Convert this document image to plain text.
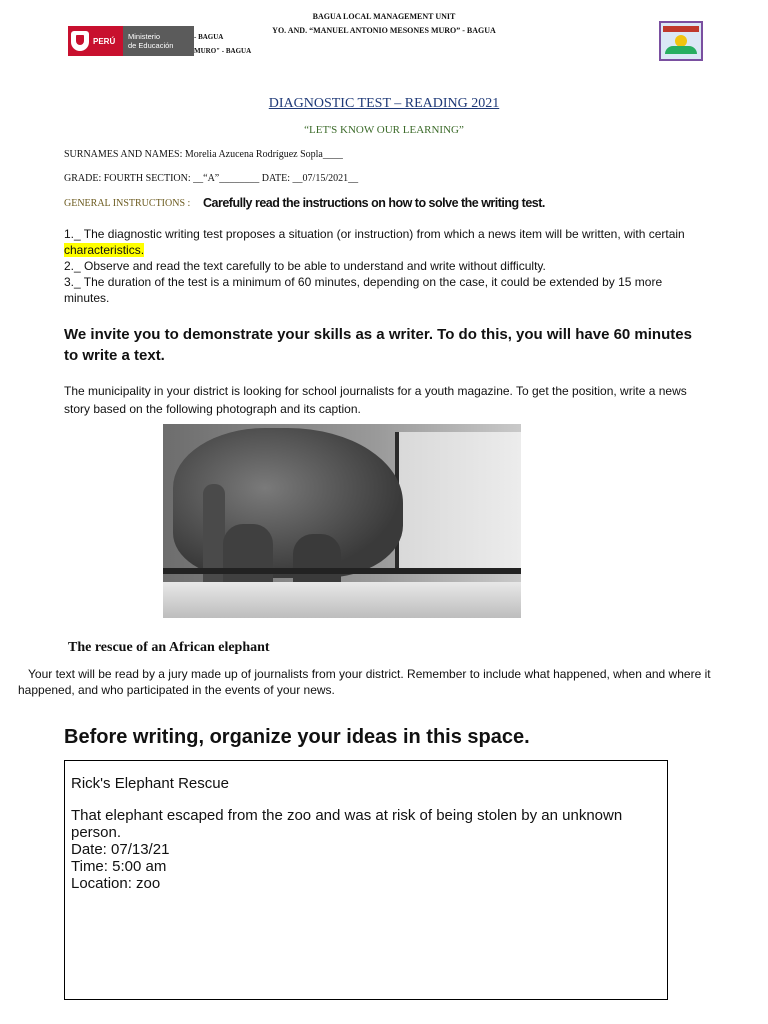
PERÚ Ministerio
de Educación
- BAGUA
MURO" - BAGUA
BAGUA LOCAL MANAGEMENT UNIT
YO. AND. “MANUEL ANTONIO MESONES MURO” - BAGUA
DIAGNOSTIC TEST – READING 2021
“LET'S KNOW OUR LEARNING”
SURNAMES AND NAMES: Morelia Azucena Rodríguez Sopla____
GRADE: FOURTH SECTION: __“A”________ DATE: __07/15/2021__
GENERAL INSTRUCTIONS : Carefully read the instructions on how to solve the writing test.
1._ The diagnostic writing test proposes a situation (or instruction) from which a news item will be written, with certain characteristics.
2._ Observe and read the text carefully to be able to understand and write without difficulty.
3._ The duration of the test is a minimum of 60 minutes, depending on the case, it could be extended by 15 more minutes.
We invite you to demonstrate your skills as a writer. To do this, you will have 60 minutes to write a text.
The municipality in your district is looking for school journalists for a youth magazine. To get the position, write a news story based on the following photograph and its caption.
The rescue of an African elephant
Your text will be read by a jury made up of journalists from your district. Remember to include what happened, when and where it happened, and who participated in the events of your news.
Before writing, organize your ideas in this space.

Rick's Elephant Rescue

That elephant escaped from the zoo and was at risk of being stolen by an unknown person.

Date: 07/13/21

Time: 5:00 am

Location: zoo
